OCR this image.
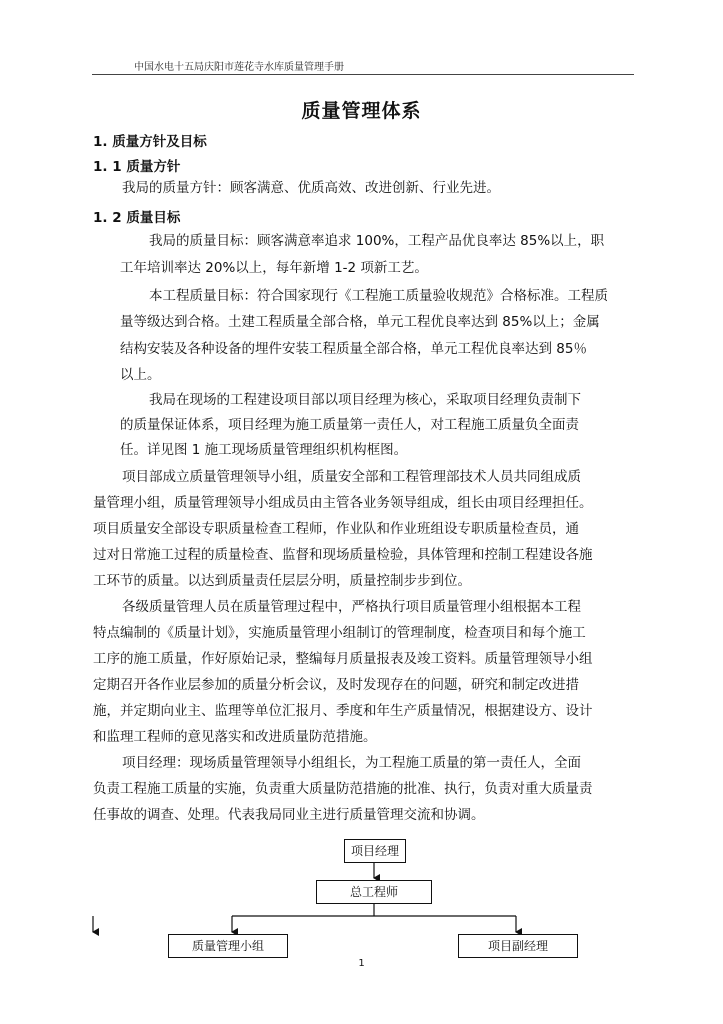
中国水电十五局庆阳市莲花寺水库质量管理手册
质量管理体系
1. 质量方针及目标
1. 1 质量方针
我局的质量方针：顾客满意、优质高效、改进创新、行业先进。
1. 2 质量目标
我局的质量目标：顾客满意率追求 100%，工程产品优良率达 85%以上，职
工年培训率达 20%以上，每年新增 1-2 项新工艺。
本工程质量目标：符合国家现行《工程施工质量验收规范》合格标准。工程质
量等级达到合格。土建工程质量全部合格，单元工程优良率达到 85%以上；金属
结构安装及各种设备的埋件安装工程质量全部合格，单元工程优良率达到 85％
以上。
我局在现场的工程建设项目部以项目经理为核心，采取项目经理负责制下
的质量保证体系，项目经理为施工质量第一责任人，对工程施工质量负全面责
任。详见图 1 施工现场质量管理组织机构框图。
项目部成立质量管理领导小组，质量安全部和工程管理部技术人员共同组成质
量管理小组，质量管理领导小组成员由主管各业务领导组成，组长由项目经理担任。
项目质量安全部设专职质量检查工程师，作业队和作业班组设专职质量检查员，通
过对日常施工过程的质量检查、监督和现场质量检验，具体管理和控制工程建设各施
工环节的质量。以达到质量责任层层分明，质量控制步步到位。
各级质量管理人员在质量管理过程中，严格执行项目质量管理小组根据本工程
特点编制的《质量计划》，实施质量管理小组制订的管理制度，检查项目和每个施工
工序的施工质量，作好原始记录，整编每月质量报表及竣工资料。质量管理领导小组
定期召开各作业层参加的质量分析会议，及时发现存在的问题，研究和制定改进措
施，并定期向业主、监理等单位汇报月、季度和年生产质量情况，根据建设方、设计
和监理工程师的意见落实和改进质量防范措施。
项目经理：现场质量管理领导小组组长，为工程施工质量的第一责任人，全面
负责工程施工质量的实施，负责重大质量防范措施的批准、执行，负责对重大质量责
任事故的调查、处理。代表我局同业主进行质量管理交流和协调。
项目经理
总工程师
质量管理小组	项目副经理
1
